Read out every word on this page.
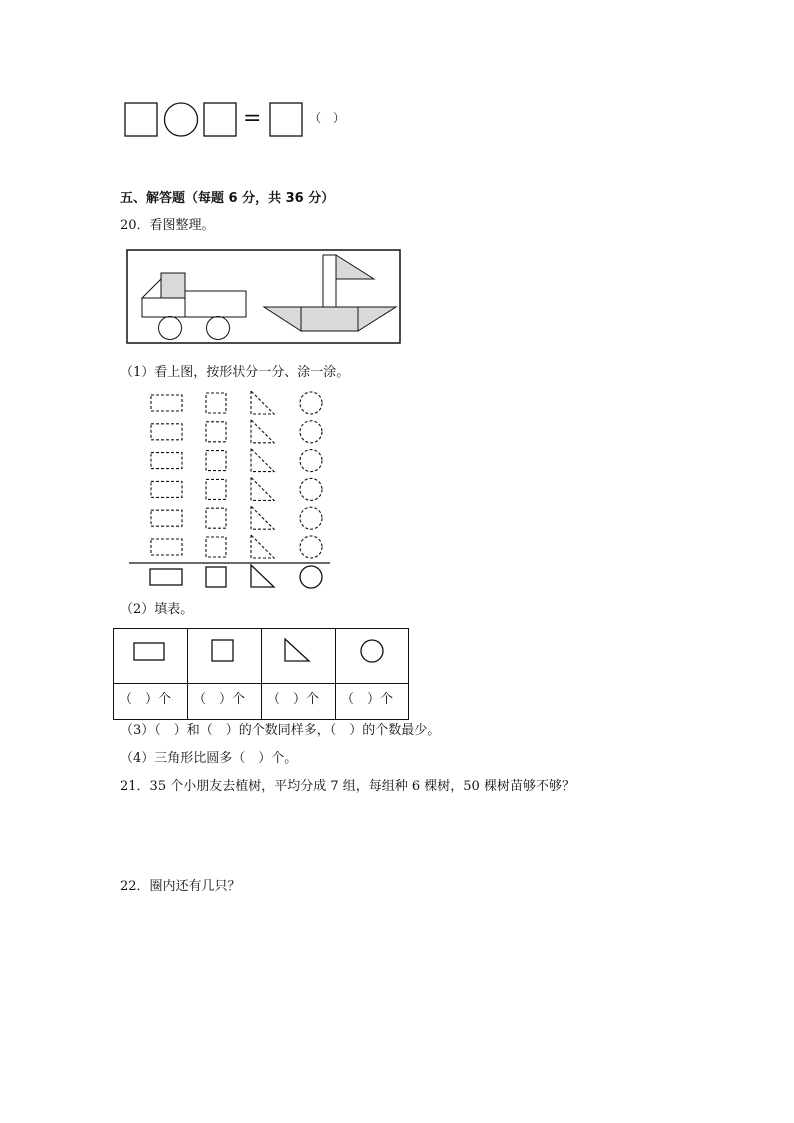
=	（　）
五、解答题（每题 6 分，共 36 分）
20．看图整理。
（1）看上图，按形状分一分、涂一涂。
（2）填表。
（　）个 （　）个 （　）个 （　）个
（3）（　）和（　）的个数同样多，（　）的个数最少。
（4）三角形比圆多（　）个。
21．35 个小朋友去植树，平均分成 7 组，每组种 6 棵树，50 棵树苗够不够？
22．圈内还有几只？
